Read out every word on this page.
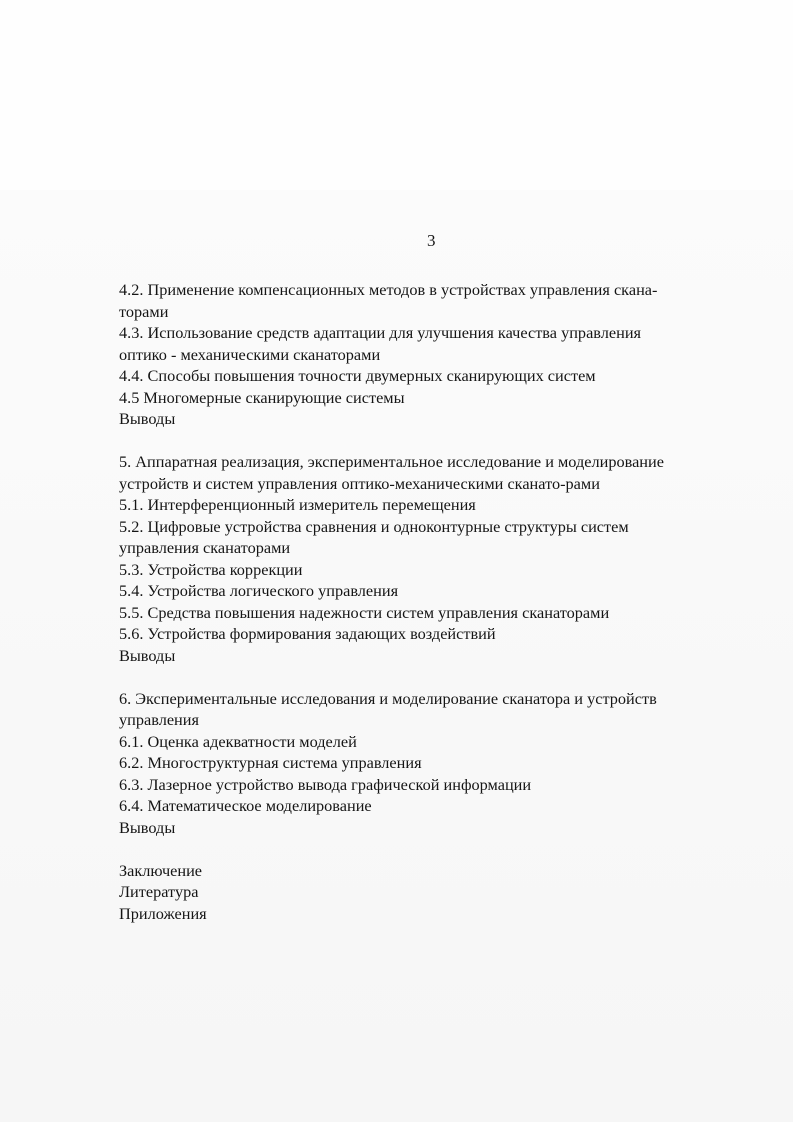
3
4.2. Применение компенсационных методов в устройствах управления скана-
торами
4.3. Использование средств адаптации для улучшения качества управления
оптико - механическими сканаторами
4.4. Способы повышения точности двумерных сканирующих систем
4.5 Многомерные сканирующие системы
Выводы
5. Аппаратная реализация, экспериментальное исследование и моделирование
устройств и систем управления оптико-механическими сканато-рами
5.1. Интерференционный измеритель перемещения
5.2. Цифровые устройства сравнения и одноконтурные структуры систем
управления сканаторами
5.3. Устройства коррекции
5.4. Устройства логического управления
5.5. Средства повышения надежности систем управления сканаторами
5.6. Устройства формирования задающих воздействий
Выводы
6. Экспериментальные исследования и моделирование сканатора и устройств
управления
6.1. Оценка адекватности моделей
6.2. Многоструктурная система управления
6.3. Лазерное устройство вывода графической информации
6.4. Математическое моделирование
Выводы
Заключение
Литература
Приложения
